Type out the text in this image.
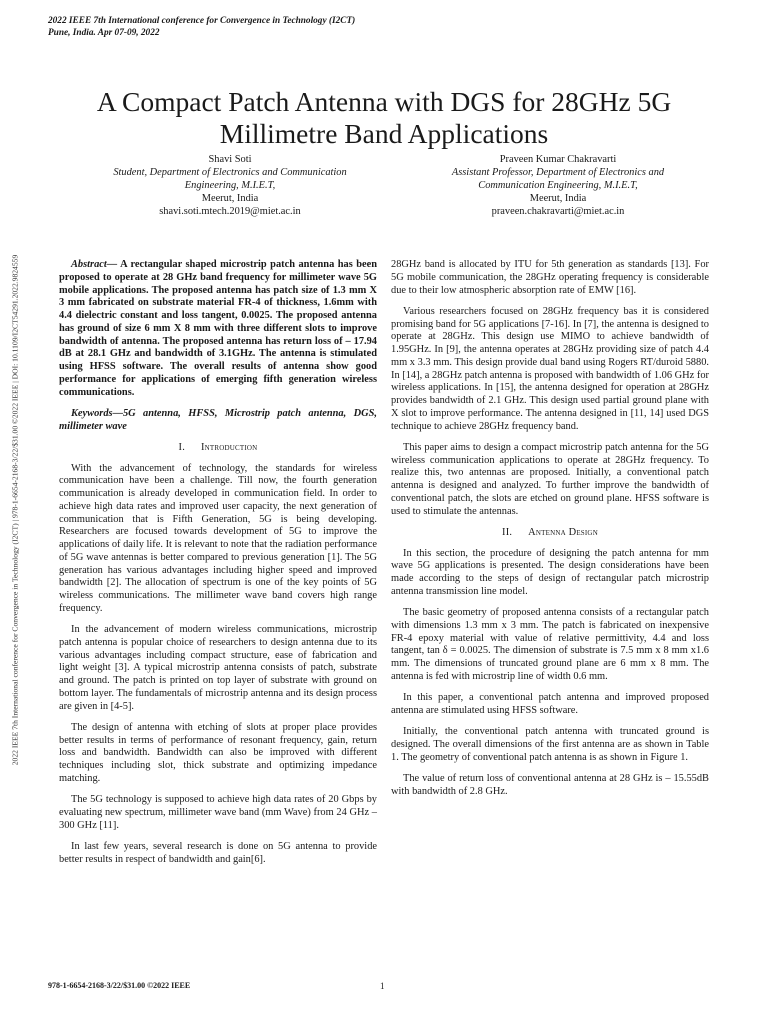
2022 IEEE 7th International conference for Convergence in Technology (I2CT)
Pune, India. Apr 07-09, 2022
2022 IEEE 7th International conference for Convergence in Technology (I2CT) | 978-1-6654-2168-3/22/$31.00 ©2022 IEEE | DOI: 10.1109/I2CT54291.2022.9824559
A Compact Patch Antenna with DGS for 28GHz 5G Millimetre Band Applications
Shavi Soti
Student, Department of Electronics and Communication
Engineering, M.I.E.T,
Meerut, India
shavi.soti.mtech.2019@miet.ac.in
Praveen Kumar Chakravarti
Assistant Professor, Department of Electronics and
Communication Engineering, M.I.E.T,
Meerut, India
praveen.chakravarti@miet.ac.in

Abstract— A rectangular shaped microstrip patch antenna has been proposed to operate at 28 GHz band frequency for millimeter wave 5G mobile applications. The proposed antenna has patch size of 1.3 mm X 3 mm fabricated on substrate material FR-4 of thickness, 1.6mm with 4.4 dielectric constant and loss tangent, 0.0025. The proposed antenna has ground of size 6 mm X 8 mm with three different slots to improve bandwidth of antenna. The proposed antenna has return loss of – 17.94 dB at 28.1 GHz and bandwidth of 3.1GHz. The antenna is stimulated using HFSS software. The overall results of antenna show good performance for applications of emerging fifth generation wireless communications.

Keywords—5G antenna, HFSS, Microstrip patch antenna, DGS, millimeter wave

I. Introduction

With the advancement of technology, the standards for wireless communication have been a challenge. Till now, the fourth generation communication is already developed in communication field. In order to achieve high data rates and improved user capacity, the next generation of communication that is Fifth Generation, 5G is being developing. Researchers are focused towards development of 5G to improve the applications of daily life. It is relevant to note that the radiation performance of 5G wave antennas is better compared to previous generation [1]. The 5G generation has various advantages including higher speed and improved bandwidth [2]. The allocation of spectrum is one of the key points of 5G wireless communications. The millimeter wave band covers high range frequency.

In the advancement of modern wireless communications, microstrip patch antenna is popular choice of researchers to design antenna due to its various advantages including compact structure, ease of fabrication and light weight [3]. A typical microstrip antenna consists of patch, substrate and ground. The patch is printed on top layer of substrate with ground on bottom layer. The fundamentals of microstrip antenna and its design process are given in [4-5].

The design of antenna with etching of slots at proper place provides better results in terms of performance of resonant frequency, gain, return loss and bandwidth. Bandwidth can also be improved with different techniques including slot, thick substrate and optimizing impedance matching.

The 5G technology is supposed to achieve high data rates of 20 Gbps by evaluating new spectrum, millimeter wave band (mm Wave) from 24 GHz – 300 GHz [11].

In last few years, several research is done on 5G antenna to provide better results in respect of bandwidth and gain[6].

28GHz band is allocated by ITU for 5th generation as standards [13]. For 5G mobile communication, the 28GHz operating frequency is considerable due to their low atmospheric absorption rate of EMW [16].

Various researchers focused on 28GHz frequency bas it is considered promising band for 5G applications [7-16]. In [7], the antenna is designed to operate at 28GHz. This design use MIMO to achieve bandwidth of 1.95GHz. In [9], the antenna operates at 28GHz providing size of patch 4.4 mm x 3.3 mm. This design provide dual band using Rogers RT/duroid 5880. In [14], a 28GHz patch antenna is proposed with bandwidth of 1.06 GHz for wireless applications. In [15], the antenna designed for operation at 28GHz provides bandwidth of 2.1 GHz. This design used partial ground plane with X slot to improve performance. The antenna designed in [11, 14] used DGS technique to achieve 28GHz frequency band.

This paper aims to design a compact microstrip patch antenna for the 5G wireless communication applications to operate at 28GHz frequency. To realize this, two antennas are proposed. Initially, a conventional patch antenna is designed and analyzed. To further improve the bandwidth of conventional patch, the slots are etched on ground plane. HFSS software is used to stimulate the antennas.

II. Antenna Design

In this section, the procedure of designing the patch antenna for mm wave 5G applications is presented. The design considerations have been made according to the steps of design of rectangular patch microstrip antenna transmission line model.

The basic geometry of proposed antenna consists of a rectangular patch with dimensions 1.3 mm x 3 mm. The patch is fabricated on inexpensive FR-4 epoxy material with value of relative permittivity, 4.4 and loss tangent, tan δ = 0.0025. The dimension of substrate is 7.5 mm x 8 mm x1.6 mm. The dimensions of truncated ground plane are 6 mm x 8 mm. The antenna is fed with microstrip line of width 0.6 mm.

In this paper, a conventional patch antenna and improved proposed antenna are stimulated using HFSS software.

Initially, the conventional patch antenna with truncated ground is designed. The overall dimensions of the first antenna are as shown in Table 1. The geometry of conventional patch antenna is as shown in Figure 1.

The value of return loss of conventional antenna at 28 GHz is – 15.55dB with bandwidth of 2.8 GHz.

978-1-6654-2168-3/22/$31.00 ©2022 IEEE	1
